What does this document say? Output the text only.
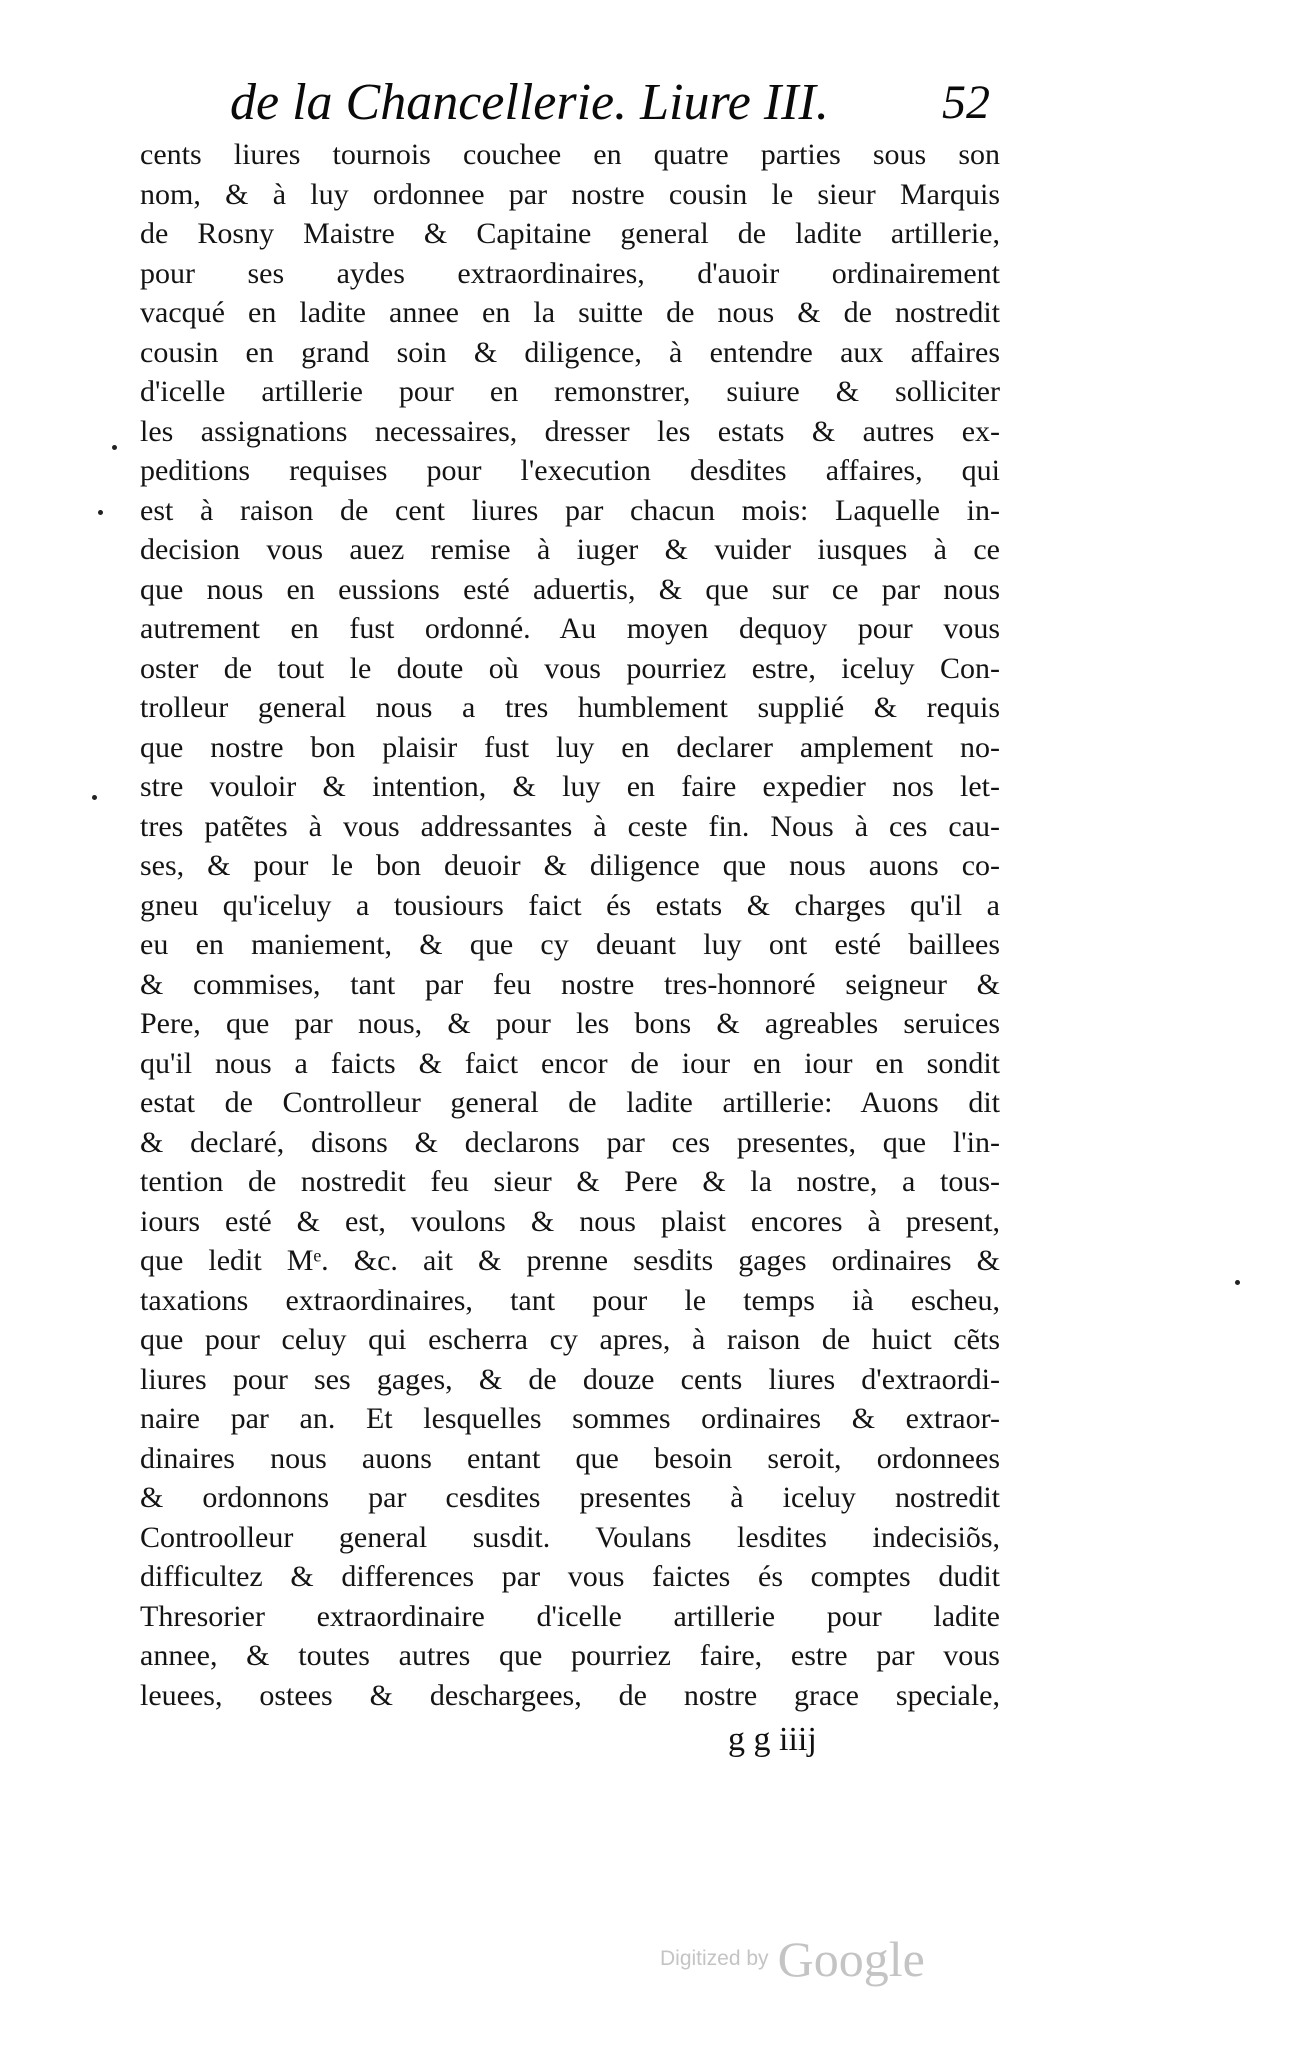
de la Chancellerie. Liure III. 52
cents liures tournois couchee en quatre parties sous son
nom, & à luy ordonnee par nostre cousin le sieur Marquis
de Rosny Maistre & Capitaine general de ladite artillerie,
pour ses aydes extraordinaires, d'auoir ordinairement
vacqué en ladite annee en la suitte de nous & de nostredit
cousin en grand soin & diligence, à entendre aux affaires
d'icelle artillerie pour en remonstrer, suiure & solliciter
les assignations necessaires, dresser les estats & autres ex-
peditions requises pour l'execution desdites affaires, qui
est à raison de cent liures par chacun mois: Laquelle in-
decision vous auez remise à iuger & vuider iusques à ce
que nous en eussions esté aduertis, & que sur ce par nous
autrement en fust ordonné. Au moyen dequoy pour vous
oster de tout le doute où vous pourriez estre, iceluy Con-
trolleur general nous a tres humblement supplié & requis
que nostre bon plaisir fust luy en declarer amplement no-
stre vouloir & intention, & luy en faire expedier nos let-
tres patẽtes à vous addressantes à ceste fin. Nous à ces cau-
ses, & pour le bon deuoir & diligence que nous auons co-
gneu qu'iceluy a tousiours faict és estats & charges qu'il a
eu en maniement, & que cy deuant luy ont esté baillees
& commises, tant par feu nostre tres-honnoré seigneur &
Pere, que par nous, & pour les bons & agreables seruices
qu'il nous a faicts & faict encor de iour en iour en sondit
estat de Controlleur general de ladite artillerie: Auons dit
& declaré, disons & declarons par ces presentes, que l'in-
tention de nostredit feu sieur & Pere & la nostre, a tous-
iours esté & est, voulons & nous plaist encores à present,
que ledit Mᵉ. &c. ait & prenne sesdits gages ordinaires &
taxations extraordinaires, tant pour le temps ià escheu,
que pour celuy qui escherra cy apres, à raison de huict cẽts
liures pour ses gages, & de douze cents liures d'extraordi-
naire par an. Et lesquelles sommes ordinaires & extraor-
dinaires nous auons entant que besoin seroit, ordonnees
& ordonnons par cesdites presentes à iceluy nostredit
Controolleur general susdit. Voulans lesdites indecisiõs,
difficultez & differences par vous faictes és comptes dudit
Thresorier extraordinaire d'icelle artillerie pour ladite
annee, & toutes autres que pourriez faire, estre par vous
leuees, ostees & deschargees, de nostre grace speciale,
g g iiij
Digitized by Google
